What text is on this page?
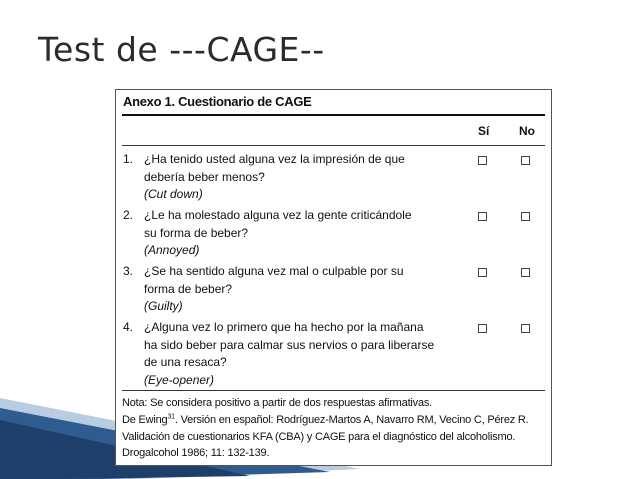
Test de ---CAGE--
Anexo 1. Cuestionario de CAGE
Sí No
1. ¿Ha tenido usted alguna vez la impresión de que
debería beber menos?
(Cut down)
2. ¿Le ha molestado alguna vez la gente criticándole
su forma de beber?
(Annoyed)
3. ¿Se ha sentido alguna vez mal o culpable por su
forma de beber?
(Guilty)
4. ¿Alguna vez lo primero que ha hecho por la mañana
ha sido beber para calmar sus nervios o para liberarse
de una resaca?
(Eye-opener)
Nota: Se considera positivo a partir de dos respuestas afirmativas.
De Ewing$^{31}$. Versión en español: Rodríguez-Martos A, Navarro RM, Vecino C, Pérez R.
Validación de cuestionarios KFA (CBA) y CAGE para el diagnóstico del alcoholismo.
Drogalcohol 1986; 11: 132-139.
